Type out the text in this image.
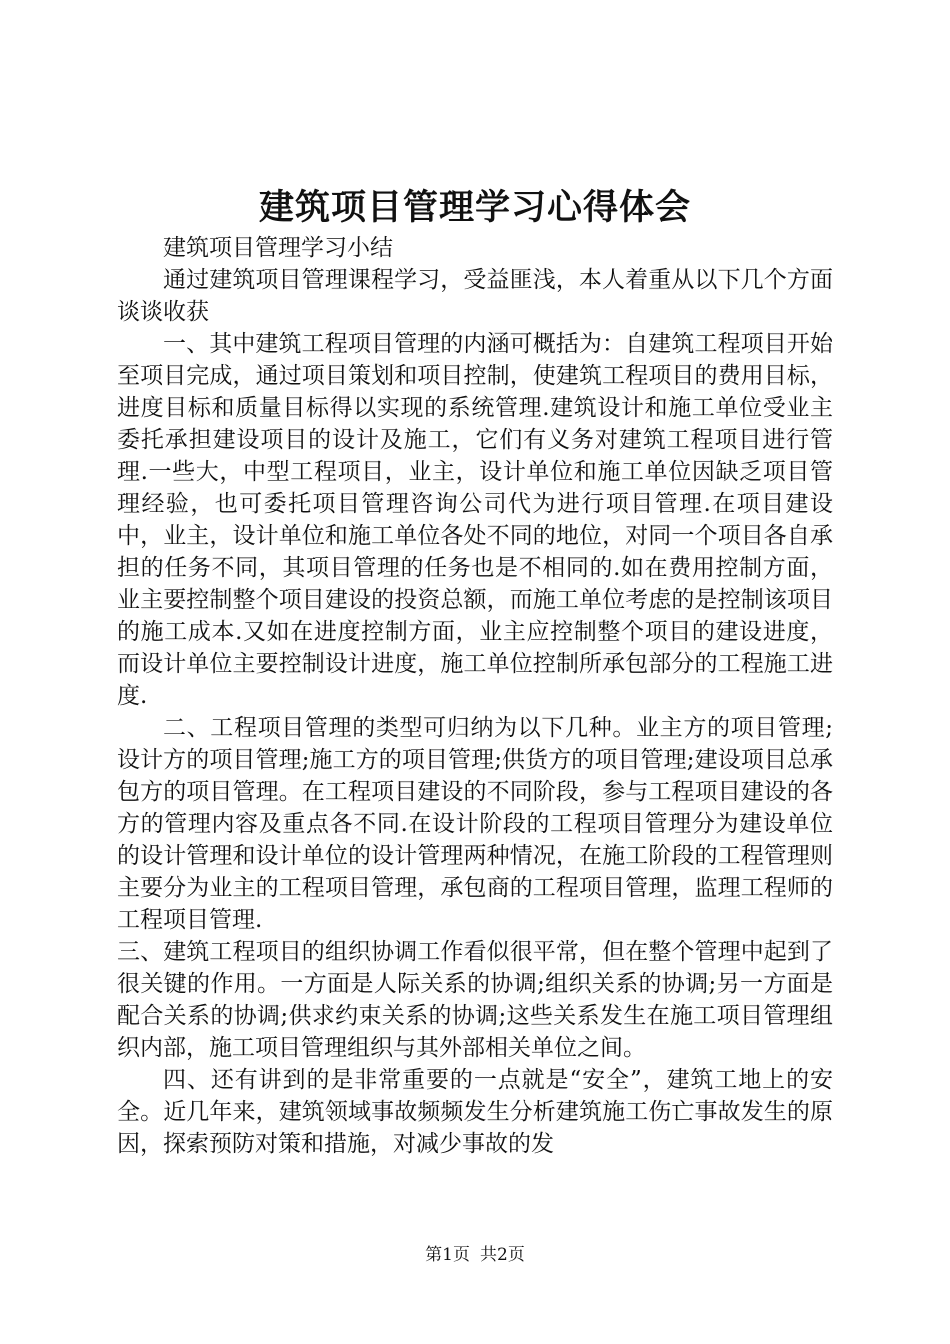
建筑项目管理学习心得体会

建筑项目管理学习小结

通过建筑项目管理课程学习，受益匪浅，本人着重从以下几个方面谈谈收获

一、其中建筑工程项目管理的内涵可概括为：自建筑工程项目开始至项目完成，通过项目策划和项目控制，使建筑工程项目的费用目标，进度目标和质量目标得以实现的系统管理.建筑设计和施工单位受业主委托承担建设项目的设计及施工，它们有义务对建筑工程项目进行管理.一些大，中型工程项目，业主，设计单位和施工单位因缺乏项目管理经验，也可委托项目管理咨询公司代为进行项目管理.在项目建设中，业主，设计单位和施工单位各处不同的地位，对同一个项目各自承担的任务不同，其项目管理的任务也是不相同的.如在费用控制方面，业主要控制整个项目建设的投资总额，而施工单位考虑的是控制该项目的施工成本.又如在进度控制方面，业主应控制整个项目的建设进度，而设计单位主要控制设计进度，施工单位控制所承包部分的工程施工进度.

二、工程项目管理的类型可归纳为以下几种。业主方的项目管理;设计方的项目管理;施工方的项目管理;供货方的项目管理;建设项目总承包方的项目管理。在工程项目建设的不同阶段，参与工程项目建设的各方的管理内容及重点各不同.在设计阶段的工程项目管理分为建设单位的设计管理和设计单位的设计管理两种情况，在施工阶段的工程管理则主要分为业主的工程项目管理，承包商的工程项目管理，监理工程师的工程项目管理.

三、建筑工程项目的组织协调工作看似很平常，但在整个管理中起到了很关键的作用。一方面是人际关系的协调;组织关系的协调;另一方面是配合关系的协调;供求约束关系的协调;这些关系发生在施工项目管理组织内部，施工项目管理组织与其外部相关单位之间。

四、还有讲到的是非常重要的一点就是“安全”，建筑工地上的安全。近几年来，建筑领域事故频频发生分析建筑施工伤亡事故发生的原因，探索预防对策和措施，对减少事故的发

第1页 共2页
